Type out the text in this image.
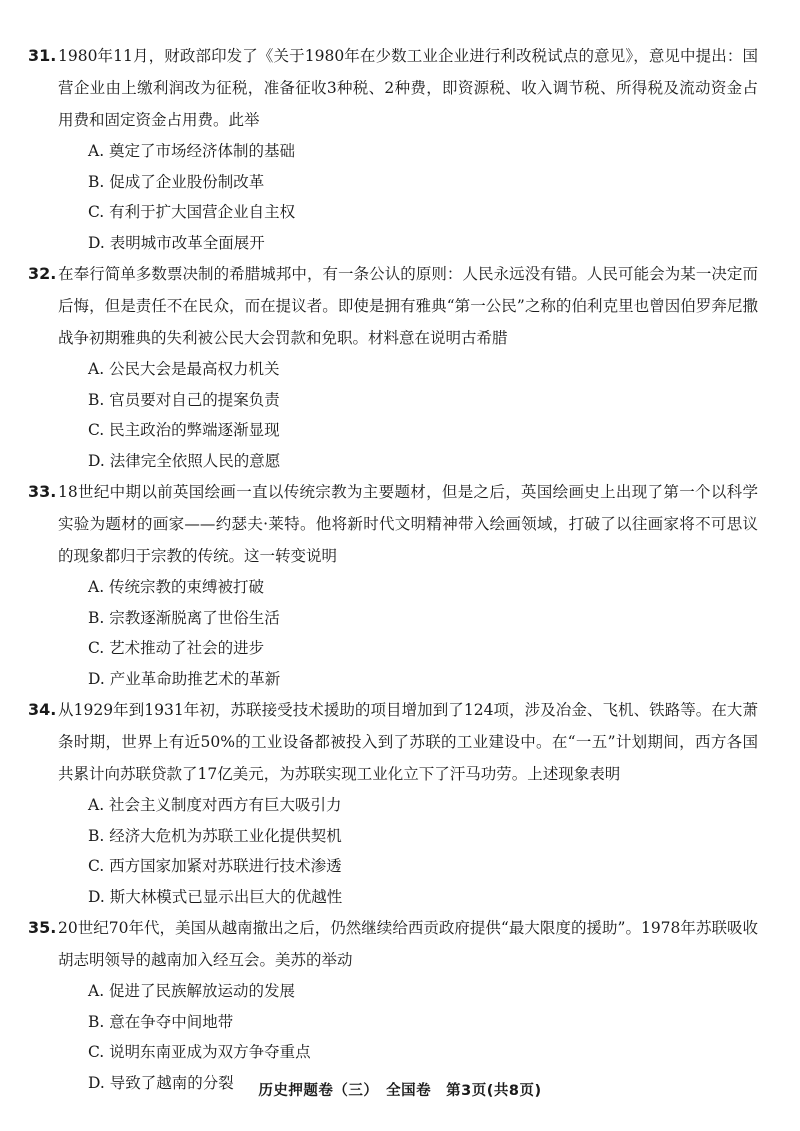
31. 1980年11月，财政部印发了《关于1980年在少数工业企业进行利改税试点的意见》，意见中提出：国营企业由上缴利润改为征税，准备征收3种税、2种费，即资源税、收入调节税、所得税及流动资金占用费和固定资金占用费。此举

A. 奠定了市场经济体制的基础
B. 促成了企业股份制改革
C. 有利于扩大国营企业自主权
D. 表明城市改革全面展开

32. 在奉行简单多数票决制的希腊城邦中，有一条公认的原则：人民永远没有错。人民可能会为某一决定而后悔，但是责任不在民众，而在提议者。即使是拥有雅典“第一公民”之称的伯利克里也曾因伯罗奔尼撒战争初期雅典的失利被公民大会罚款和免职。材料意在说明古希腊

A. 公民大会是最高权力机关
B. 官员要对自己的提案负责
C. 民主政治的弊端逐渐显现
D. 法律完全依照人民的意愿

33. 18世纪中期以前英国绘画一直以传统宗教为主要题材，但是之后，英国绘画史上出现了第一个以科学实验为题材的画家——约瑟夫·莱特。他将新时代文明精神带入绘画领域，打破了以往画家将不可思议的现象都归于宗教的传统。这一转变说明

A. 传统宗教的束缚被打破
B. 宗教逐渐脱离了世俗生活
C. 艺术推动了社会的进步
D. 产业革命助推艺术的革新

34. 从1929年到1931年初，苏联接受技术援助的项目增加到了124项，涉及冶金、飞机、铁路等。在大萧条时期，世界上有近50%的工业设备都被投入到了苏联的工业建设中。在“一五”计划期间，西方各国共累计向苏联贷款了17亿美元，为苏联实现工业化立下了汗马功劳。上述现象表明

A. 社会主义制度对西方有巨大吸引力
B. 经济大危机为苏联工业化提供契机
C. 西方国家加紧对苏联进行技术渗透
D. 斯大林模式已显示出巨大的优越性

35. 20世纪70年代，美国从越南撤出之后，仍然继续给西贡政府提供“最大限度的援助”。1978年苏联吸收胡志明领导的越南加入经互会。美苏的举动

A. 促进了民族解放运动的发展
B. 意在争夺中间地带
C. 说明东南亚成为双方争夺重点
D. 导致了越南的分裂	历史押题卷（三）　全国卷　第3页(共8页)
